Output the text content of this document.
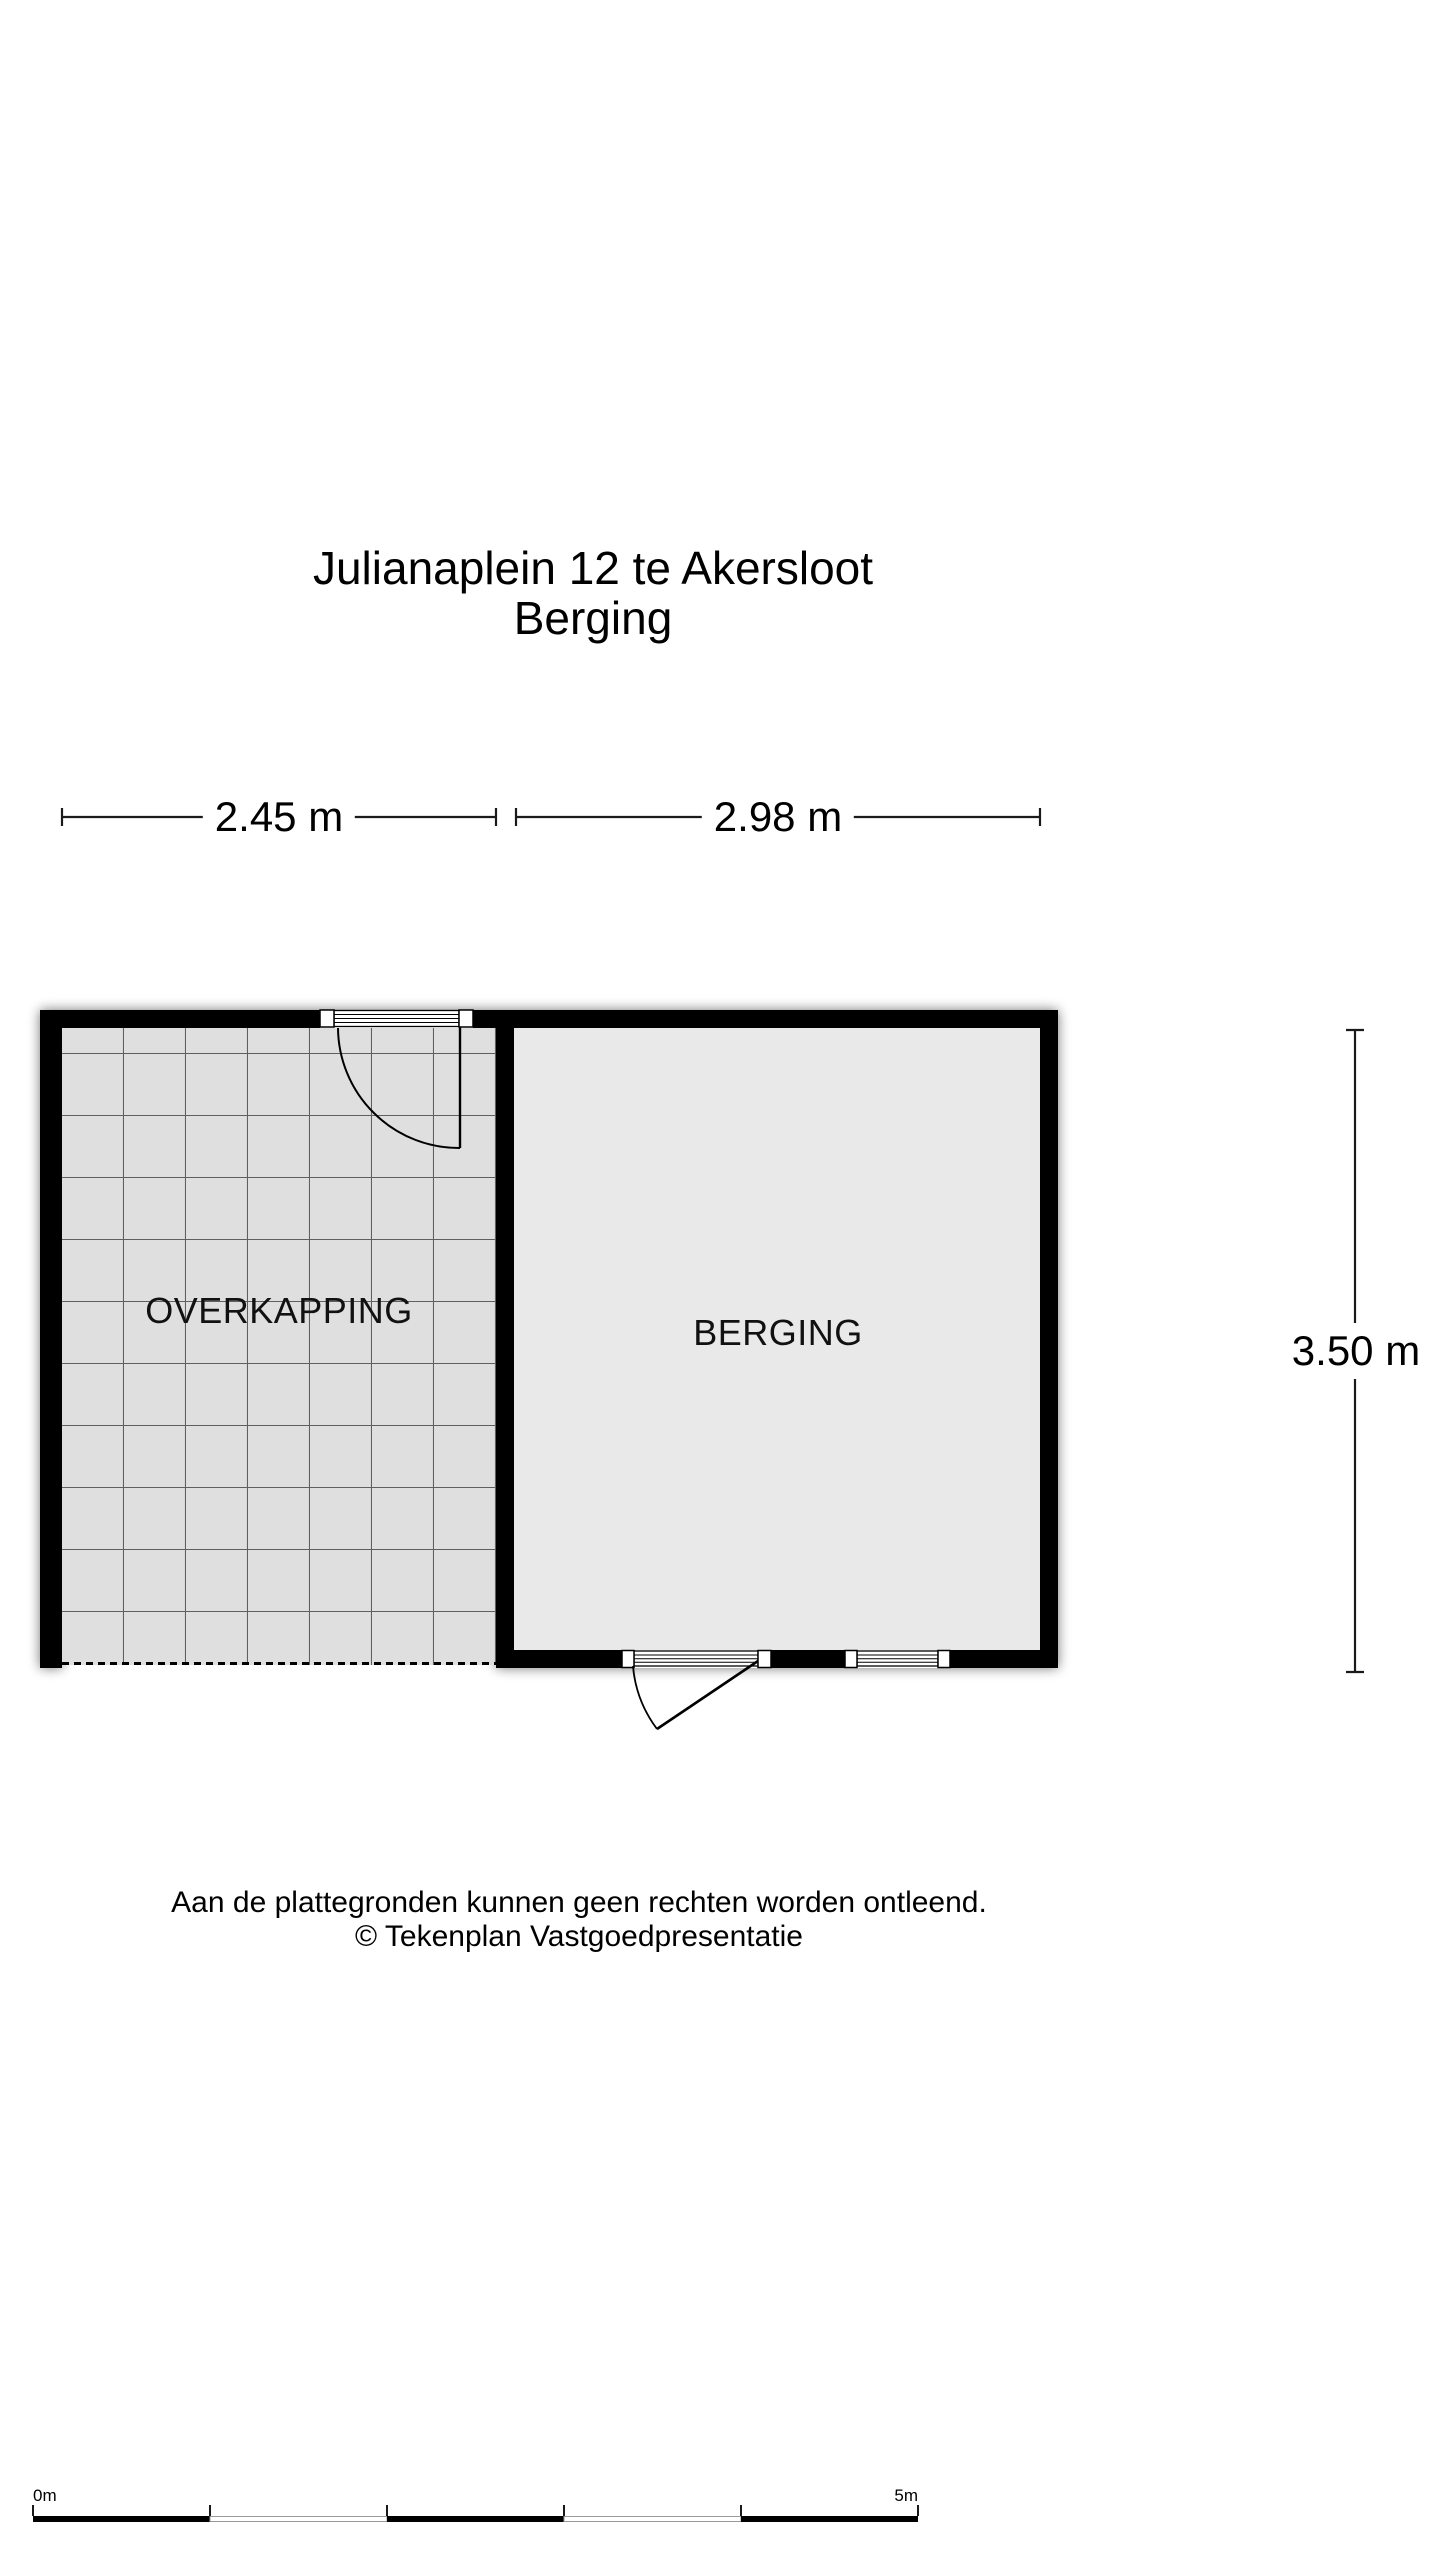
Julianaplein 12 te Akersloot
Berging
2.45 m	2.98 m
3.50 m
OVERKAPPING
BERGING
Aan de plattegronden kunnen geen rechten worden ontleend.
© Tekenplan Vastgoedpresentatie
0m	5m
